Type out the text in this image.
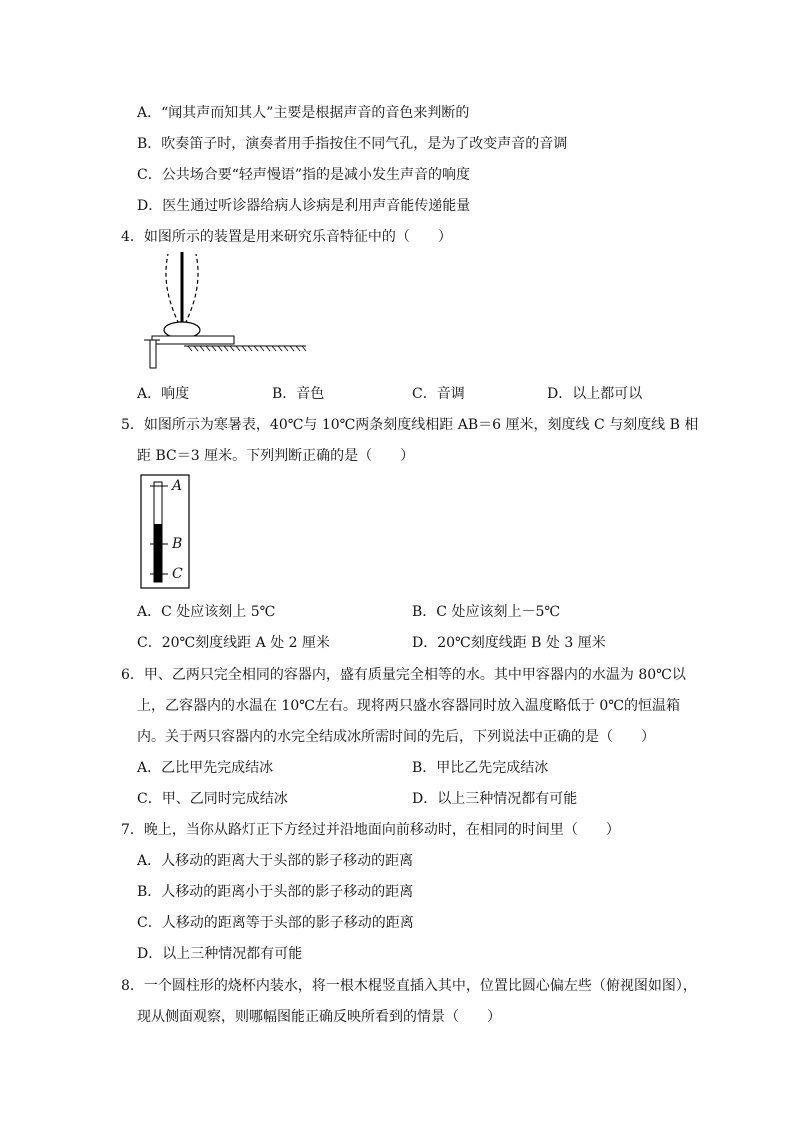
A．“闻其声而知其人”主要是根据声音的音色来判断的
B．吹奏笛子时，演奏者用手指按住不同气孔，是为了改变声音的音调
C．公共场合要“轻声慢语”指的是减小发生声音的响度
D．医生通过听诊器给病人诊病是利用声音能传递能量
4．如图所示的装置是用来研究乐音特征中的（　　）
A．响度	B．音色	C．音调	D．以上都可以
5．如图所示为寒暑表，40℃与 10℃两条刻度线相距 AB＝6 厘米，刻度线 C 与刻度线 B 相
距 BC＝3 厘米。下列判断正确的是（　　）
A
B
C
A．C 处应该刻上 5℃	B．C 处应该刻上－5℃
C．20℃刻度线距 A 处 2 厘米	D．20℃刻度线距 B 处 3 厘米
6．甲、乙两只完全相同的容器内，盛有质量完全相等的水。其中甲容器内的水温为 80℃以
上，乙容器内的水温在 10℃左右。现将两只盛水容器同时放入温度略低于 0℃的恒温箱
内。关于两只容器内的水完全结成冰所需时间的先后，下列说法中正确的是（　　）
A．乙比甲先完成结冰	B．甲比乙先完成结冰
C．甲、乙同时完成结冰	D．以上三种情况都有可能
7．晚上，当你从路灯正下方经过并沿地面向前移动时，在相同的时间里（　　）
A．人移动的距离大于头部的影子移动的距离
B．人移动的距离小于头部的影子移动的距离
C．人移动的距离等于头部的影子移动的距离
D．以上三种情况都有可能
8．一个圆柱形的烧杯内装水，将一根木棍竖直插入其中，位置比圆心偏左些（俯视图如图），
现从侧面观察，则哪幅图能正确反映所看到的情景（　　）
